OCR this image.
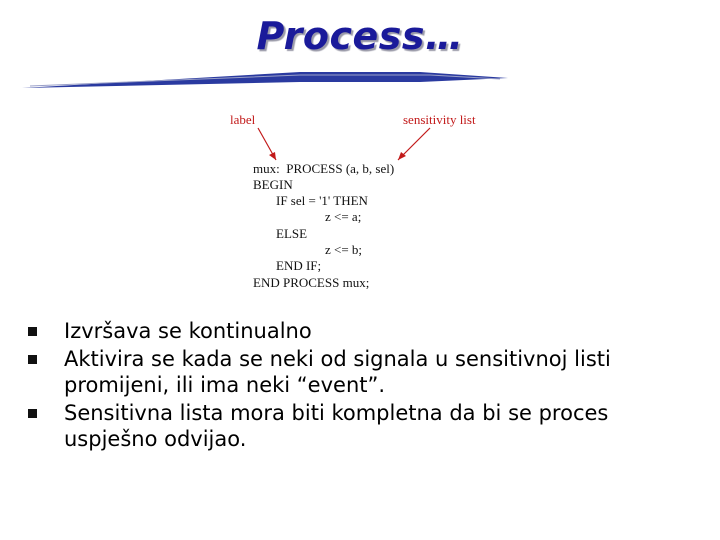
Process…
label	sensitivity list
mux:  PROCESS (a, b, sel)
BEGIN
IF sel = '1' THEN
z <= a;
ELSE
z <= b;
END IF;
END PROCESS mux;
Izvršava se kontinualno
Aktivira se kada se neki od signala u sensitivnoj listi promijeni, ili ima neki “event”.
Sensitivna lista mora biti kompletna da bi se proces uspješno odvijao.
